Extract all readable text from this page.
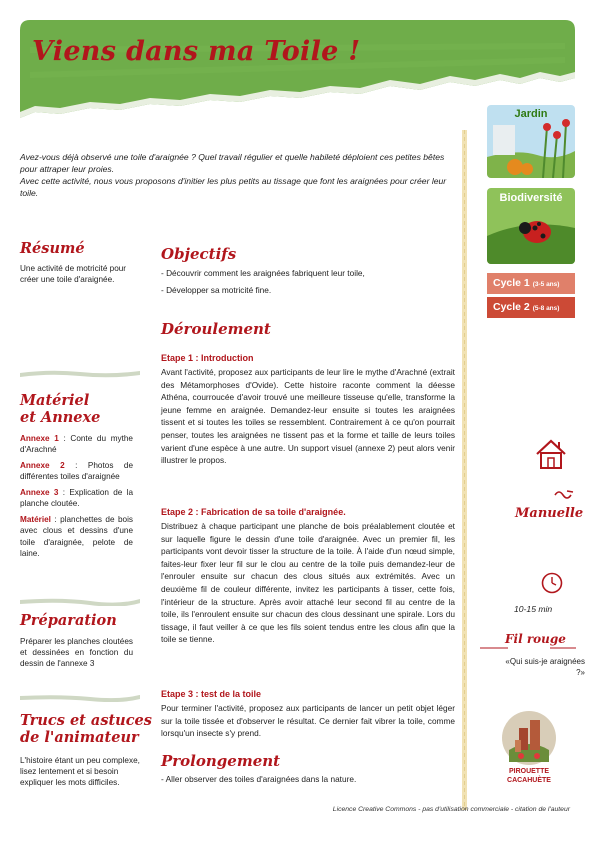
Viens dans ma Toile !

Avez-vous déjà observé une toile d'araignée ? Quel travail régulier et quelle habileté déploient ces petites bêtes pour attraper leur proies.

Avec cette activité, nous vous proposons d'initier les plus petits au tissage que font les araignées pour créer leur toile.

Résumé
Une activité de motricité pour créer une toile d'araignée.
Matériel
et Annexe
Annexe 1 : Conte du mythe d'Arachné
Annexe 2 : Photos de différentes toiles d'araignée
Annexe 3 : Explication de la planche cloutée.
Matériel : planchettes de bois avec clous et dessins d'une toile d'araignée, pelote de laine.
Préparation
Préparer les planches cloutées et dessinées en fonction du dessin de l'annexe 3
Trucs et astuces
de l'animateur
L'histoire étant un peu complexe, lisez lentement et si besoin expliquer les mots difficiles.
Objectifs
- Découvrir comment les araignées fabriquent leur toile,
- Développer sa motricité fine.
Déroulement
Etape 1 : Introduction
Avant l'activité, proposez aux participants de leur lire le mythe d'Arachné (extrait des Métamorphoses d'Ovide). Cette histoire raconte comment la déesse Athéna, courroucée d'avoir trouvé une meilleure tisseuse qu'elle, transforme la jeune femme en araignée. Demandez-leur ensuite si toutes les araignées tissent et si toutes les toiles se ressemblent. Contrairement à ce qu'on pourrait penser, toutes les araignées ne tissent pas et la forme et taille de leurs toiles varient d'une espèce à une autre. Un support visuel (annexe 2) peut alors venir illustrer le propos.
Etape 2 : Fabrication de sa toile d'araignée.
Distribuez à chaque participant une planche de bois préalablement cloutée et sur laquelle figure le dessin d'une toile d'araignée. Avec un premier fil, les participants vont devoir tisser la structure de la toile. À l'aide d'un nœud simple, faites-leur fixer leur fil sur le clou au centre de la toile puis demandez-leur de l'enrouler ensuite sur chacun des clous situés aux extrémités. Avec un deuxième fil de couleur différente, invitez les participants à tisser, cette fois, l'intérieur de la structure. Après avoir attaché leur second fil au centre de la toile, ils l'enroulent ensuite sur chacun des clous dessinant une spirale. Lors du tissage, il faut veiller à ce que les fils soient tendus entre les clous afin que la toile se tienne.
Etape 3 : test de la toile
Pour terminer l'activité, proposez aux participants de lancer un petit objet léger sur la toile tissée et d'observer le résultat. Ce dernier fait vibrer la toile, comme lorsqu'un insecte s'y prend.
Prolongement
- Aller observer des toiles d'araignées dans la nature.
Jardin
Biodiversité
Cycle 1 (3-5 ans)
Cycle 2 (5-8 ans)
Manuelle
10-15 min
Fil rouge
«Qui suis-je araignées ?»
PIROUETTE
CACAHUÈTE
Licence Creative Commons - pas d'utilisation commerciale - citation de l'auteur
